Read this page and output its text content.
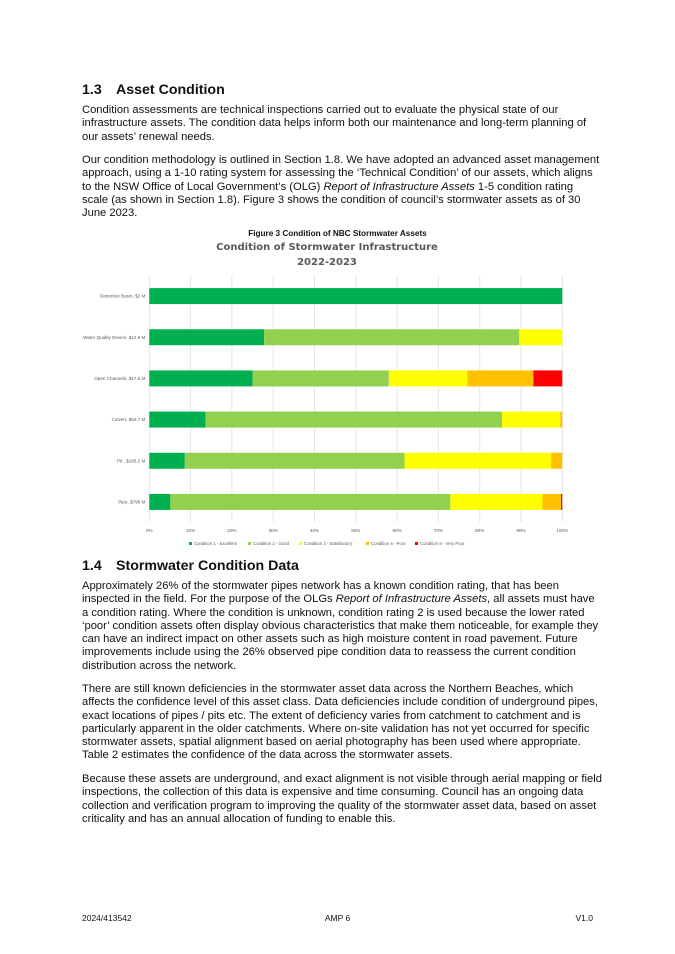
1.3 Asset Condition

Condition assessments are technical inspections carried out to evaluate the physical state of our infrastructure assets. The condition data helps inform both our maintenance and long-term planning of our assets’ renewal needs.

Our condition methodology is outlined in Section 1.8. We have adopted an advanced asset management approach, using a 1-10 rating system for assessing the ‘Technical Condition’ of our assets, which aligns to the NSW Office of Local Government’s (OLG) Report of Infrastructure Assets 1-5 condition rating scale (as shown in Section 1.8). Figure 3 shows the condition of council’s stormwater assets as of 30 June 2023.

Figure 3 Condition of NBC Stormwater Assets
Condition of Stormwater Infrastructure
2022-2023
0%	10%	20%	30%	40%	50%	60%	70%	80%	90%	100%
Detention Basin, $2 M
Water Quality Device, $12.8 M
Open Channels, $17.6 M
Culvert, $84.7 M
Pit , $195.2 M
Pipe, $798 M
Condition 1 - Excellent	Condition 2 - Good	Condition 3 - Satisfactory	Condition 4 - Poor	Condition 5 - Very Poor
1.4 Stormwater Condition Data

Approximately 26% of the stormwater pipes network has a known condition rating, that has been inspected in the field. For the purpose of the OLGs Report of Infrastructure Assets, all assets must have a condition rating. Where the condition is unknown, condition rating 2 is used because the lower rated ‘poor’ condition assets often display obvious characteristics that make them noticeable, for example they can have an indirect impact on other assets such as high moisture content in road pavement. Future improvements include using the 26% observed pipe condition data to reassess the current condition distribution across the network.

There are still known deficiencies in the stormwater asset data across the Northern Beaches, which affects the confidence level of this asset class. Data deficiencies include condition of underground pipes, exact locations of pipes / pits etc. The extent of deficiency varies from catchment to catchment and is particularly apparent in the older catchments. Where on-site validation has not yet occurred for specific stormwater assets, spatial alignment based on aerial photography has been used where appropriate. Table 2 estimates the confidence of the data across the stormwater assets.

Because these assets are underground, and exact alignment is not visible through aerial mapping or field inspections, the collection of this data is expensive and time consuming. Council has an ongoing data collection and verification program to improving the quality of the stormwater asset data, based on asset criticality and has an annual allocation of funding to enable this.

2024/413542	AMP 6	V1.0
